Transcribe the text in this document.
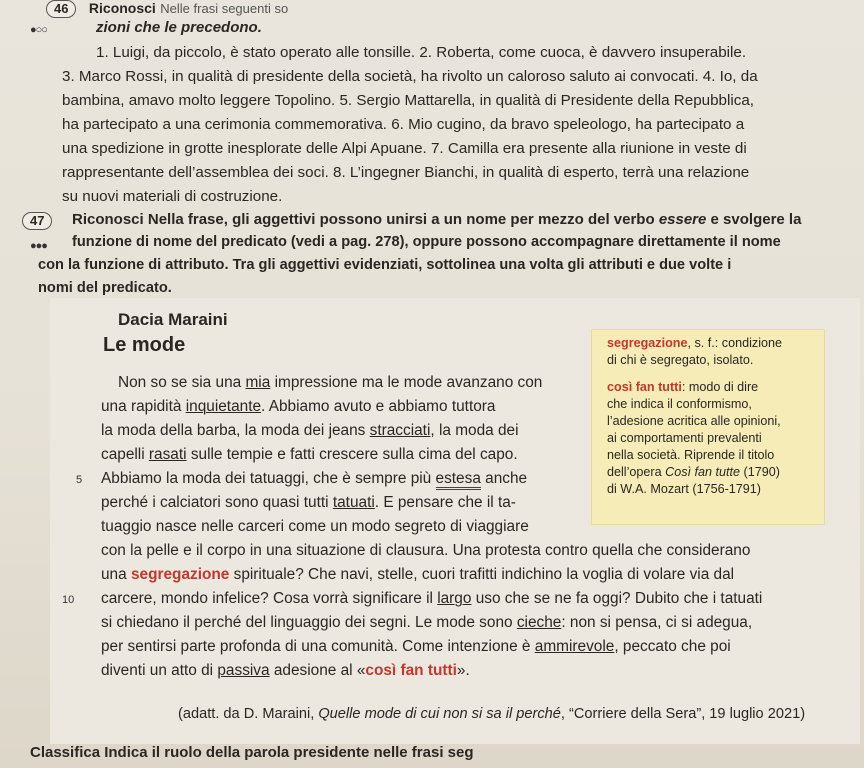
46 Riconosci Nelle frasi seguenti so
●○○	zioni che le precedono.
1. Luigi, da piccolo, è stato operato alle tonsille. 2. Roberta, come cuoca, è davvero insuperabile.
3. Marco Rossi, in qualità di presidente della società, ha rivolto un caloroso saluto ai convocati. 4. Io, da
bambina, amavo molto leggere Topolino. 5. Sergio Mattarella, in qualità di Presidente della Repubblica,
ha partecipato a una cerimonia commemorativa. 6. Mio cugino, da bravo speleologo, ha partecipato a
una spedizione in grotte inesplorate delle Alpi Apuane. 7. Camilla era presente alla riunione in veste di
rappresentante dell’assemblea dei soci. 8. L’ingegner Bianchi, in qualità di esperto, terrà una relazione
su nuovi materiali di costruzione.
47	Riconosci Nella frase, gli aggettivi possono unirsi a un nome per mezzo del verbo essere e svolgere la
●●● funzione di nome del predicato (vedi a pag. 278), oppure possono accompagnare direttamente il nome
con la funzione di attributo. Tra gli aggettivi evidenziati, sottolinea una volta gli attributi e due volte i
nomi del predicato.
Dacia Maraini
Le mode
Non so se sia una mia impressione ma le mode avanzano con
una rapidità inquietante. Abbiamo avuto e abbiamo tuttora
la moda della barba, la moda dei jeans stracciati, la moda dei
capelli rasati sulle tempie e fatti crescere sulla cima del capo.
5 Abbiamo la moda dei tatuaggi, che è sempre più estesa anche
perché i calciatori sono quasi tutti tatuati. E pensare che il ta-
tuaggio nasce nelle carceri come un modo segreto di viaggiare
con la pelle e il corpo in una situazione di clausura. Una protesta contro quella che considerano
una segregazione spirituale? Che navi, stelle, cuori trafitti indichino la voglia di volare via dal
10 carcere, mondo infelice? Cosa vorrà significare il largo uso che se ne fa oggi? Dubito che i tatuati
si chiedano il perché del linguaggio dei segni. Le mode sono cieche: non si pensa, ci si adegua,
per sentirsi parte profonda di una comunità. Come intenzione è ammirevole, peccato che poi
diventi un atto di passiva adesione al «così fan tutti».
(adatt. da D. Maraini, Quelle mode di cui non si sa il perché, “Corriere della Sera”, 19 luglio 2021)
segregazione, s. f.: condizione
di chi è segregato, isolato.
così fan tutti: modo di dire
che indica il conformismo,
l’adesione acritica alle opinioni,
ai comportamenti prevalenti
nella società. Riprende il titolo
dell’opera Così fan tutte (1790)
di W.A. Mozart (1756-1791)
Classifica Indica il ruolo della parola presidente nelle frasi seg
